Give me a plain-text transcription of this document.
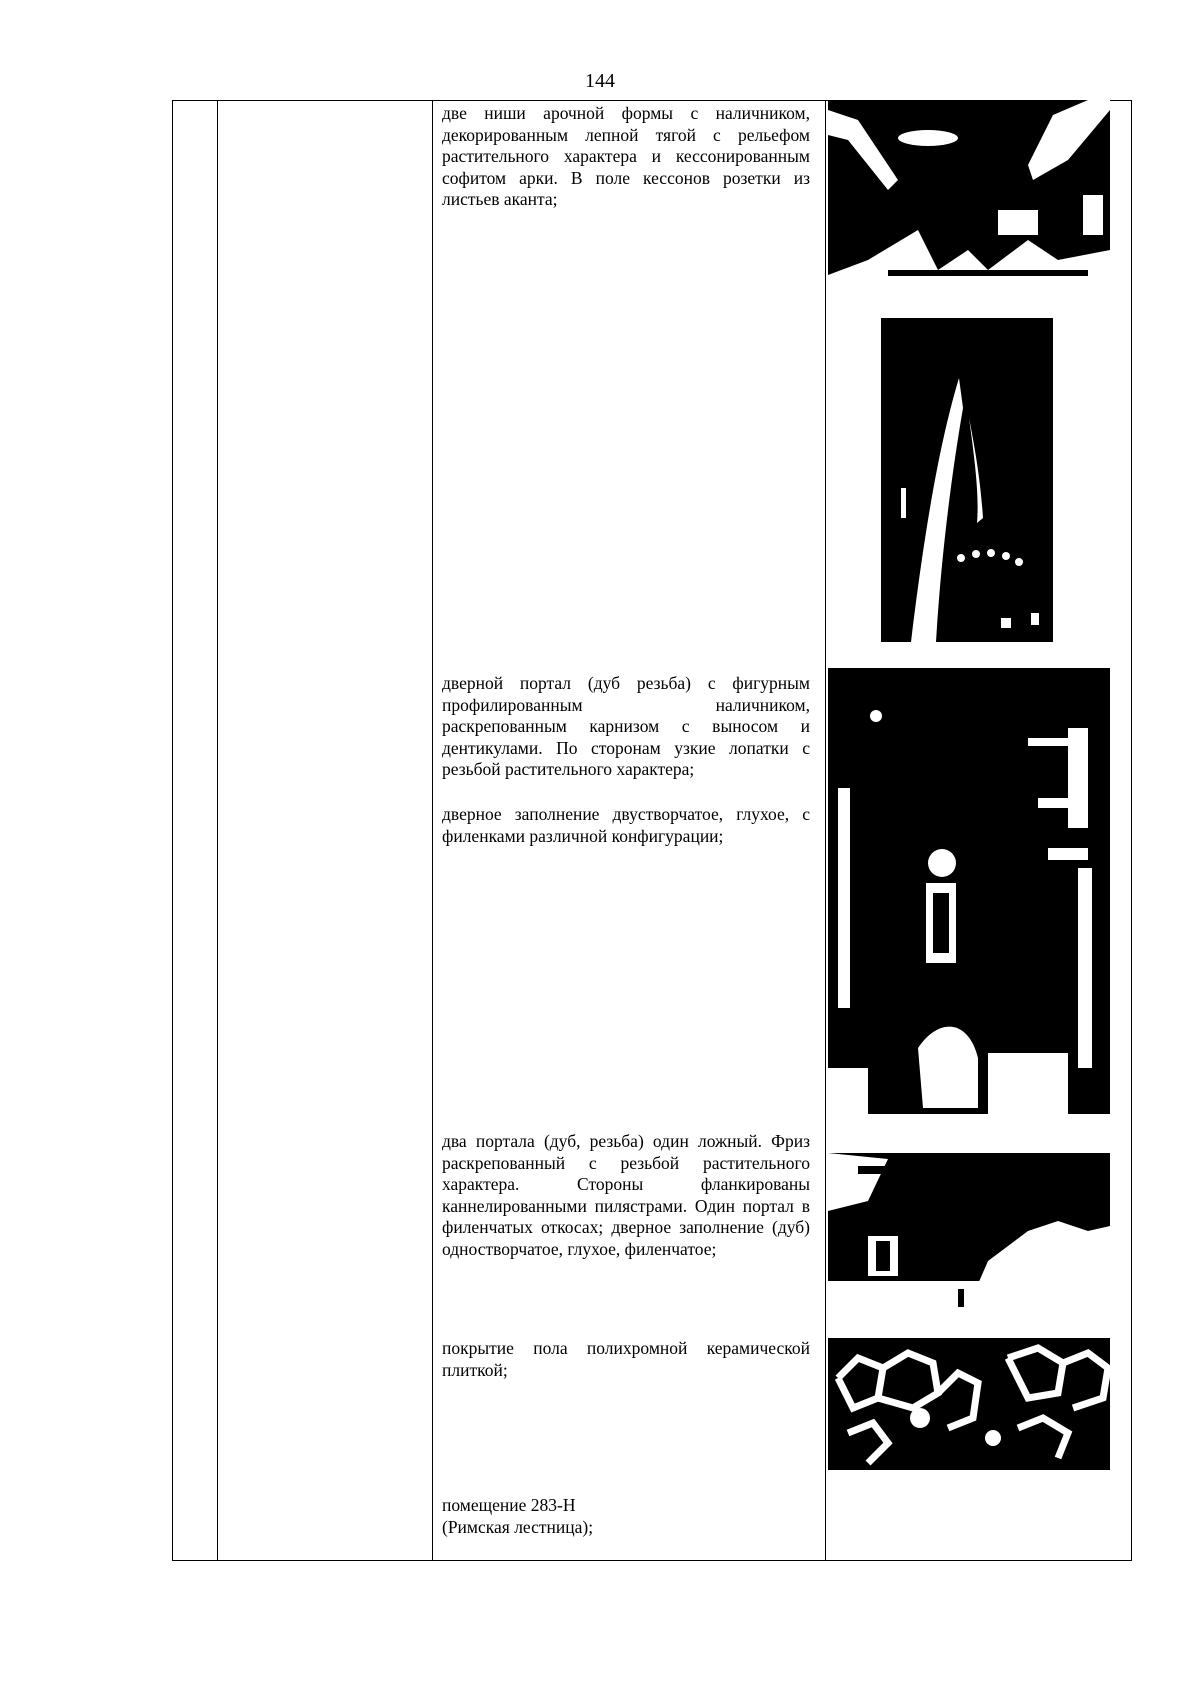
144

две ниши арочной формы с наличником, декорированным лепной тягой с рельефом растительного характера и кессонированным софитом арки. В поле кессонов розетки из листьев аканта;
дверной портал (дуб резьба) с фигурным профилированным наличником, раскрепованным карнизом с выносом и дентикулами. По сторонам узкие лопатки с резьбой растительного характера;
дверное заполнение двустворчатое, глухое, с филенками различной конфигурации;
два портала (дуб, резьба) один ложный. Фриз раскрепованный с резьбой растительного характера. Стороны фланкированы каннелированными пилястрами. Один портал в филенчатых откосах; дверное заполнение (дуб) одностворчатое, глухое, филенчатое;
покрытие пола полихромной керамической плиткой;
помещение 283-Н
(Римская лестница);
